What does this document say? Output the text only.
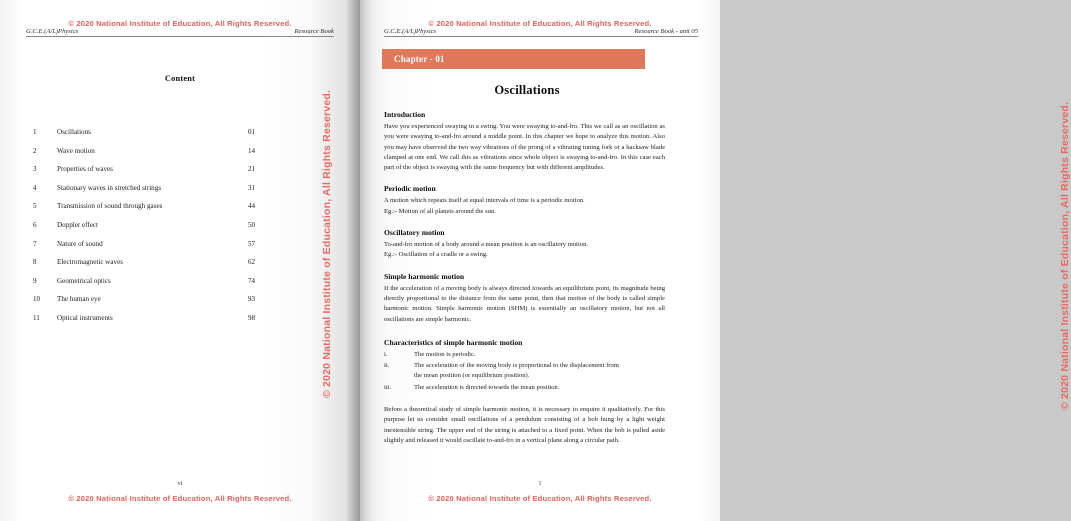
© 2020 National Institute of Education, All Rights Reserved.
G.C.E.(A/L)Physics	Resource Book
Content
1	Oscillations	01
2	Wave motion	14
3	Properties of waves	21
4	Stationary waves in stretched strings	31
5	Transmission of sound through gases	44
6	Doppler effect	50
7	Nature of sound	57
8	Electromagnetic waves	62
9	Geometrical optics	74
10	The human eye	93
11	Optical instruments	98	© 2020 National Institute of Education, All Rights Reserved.
vi
© 2020 National Institute of Education, All Rights Reserved.
© 2020 National Institute of Education, All Rights Reserved.
G.C.E.(A/L)Physics	Resource Book - unit 05
Chapter - 01
Oscillations
Introduction

Have you experienced swaying in a swing. You were swaying to-and-fro. This we call as an oscillation as you were swaying to-and-fro around a middle point. In this chapter we hope to analyze this motion. Also you may have observed the two way vibrations of the prong of a vibrating tuning fork or a hacksaw blade clamped at one end. We call this as vibrations since whole object is swaying to-and-fro. In this case each part of the object is swaying with the same frequency but with different amplitudes.

Periodic motion

A motion which repeats itself at equal intervals of time is a periodic motion.

Eg.:- Motion of all planets around the sun.

Oscillatory motion

To-and-fro motion of a body around a mean position is an oscillatory motion.

Eg.:- Oscillation of a cradle or a swing.

Simple harmonic motion

If the acceleration of a moving body is always directed towards an equilibrium point, its magnitude being directly proportional to the distance from the same point, then that motion of the body is called simple harmonic motion. Simple harmonic motion (SHM) is essentially an oscillatory motion, but not all oscillations are simple harmonic.

Characteristics of simple harmonic motion
i.	The motion is periodic.
ii.	The acceleration of the moving body is proportional to the displacement from
the mean position (or equilibrium position).
iii.	The acceleration is directed towards the mean position.

Before a theoretical study of simple harmonic motion, it is necessary to enquire it qualitatively. For this purpose let us consider small oscillations of a pendulum consisting of a bob hung by a light weight inextensible string. The upper end of the string is attached to a fixed point. When the bob is pulled aside slightly and released it would oscillate to-and-fro in a vertical plane along a circular path.

© 2020 National Institute of Education, All Rights Reserved.
1
© 2020 National Institute of Education, All Rights Reserved.
